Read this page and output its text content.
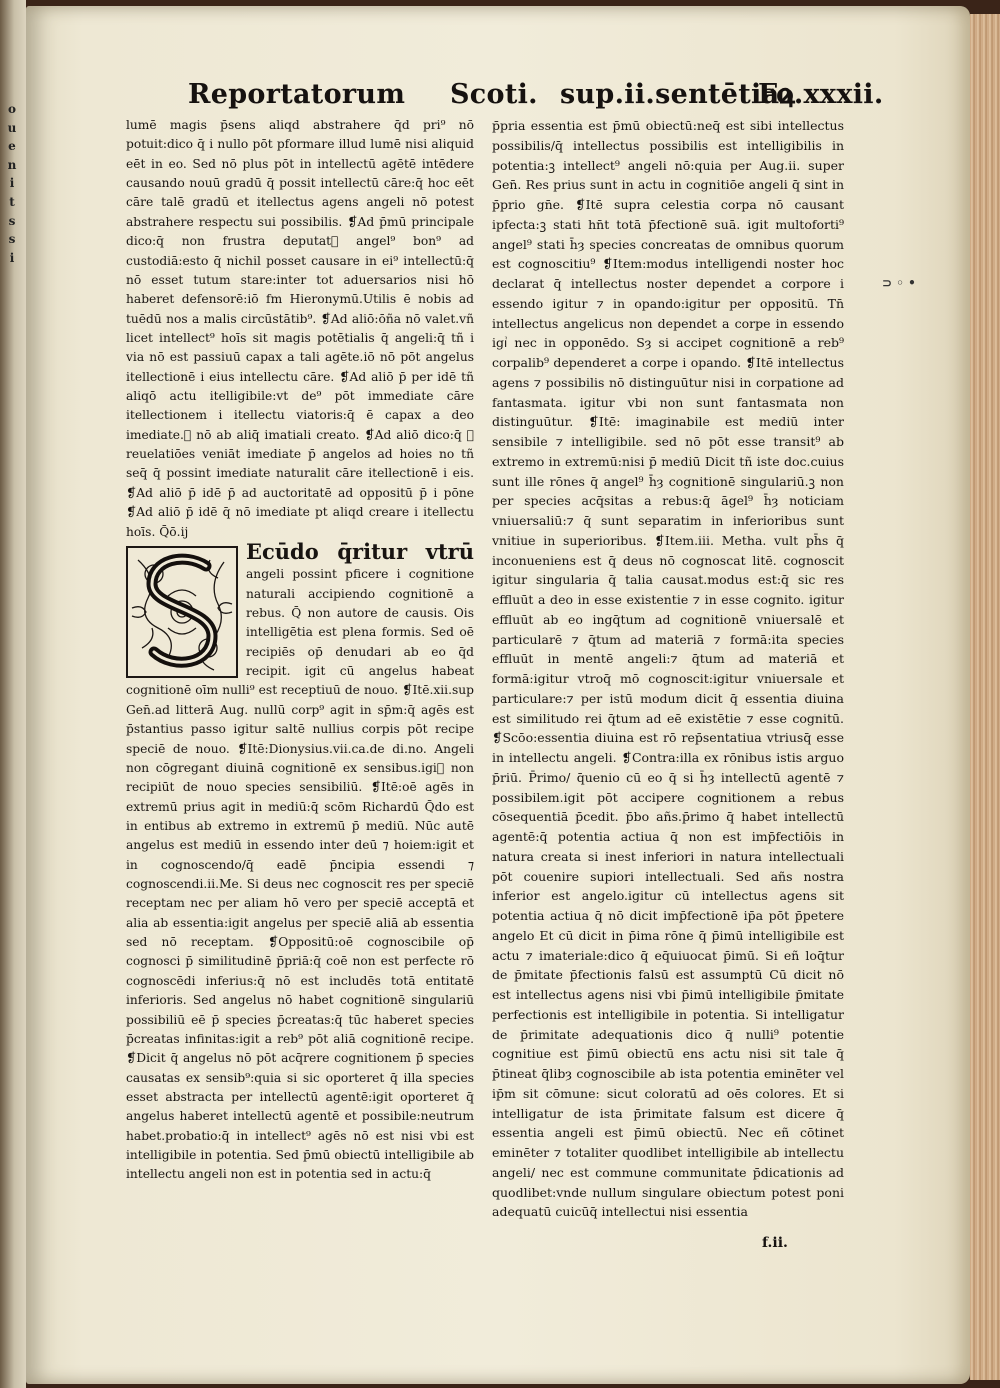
o
u
e
n
i
t
s
s
i
Reportatorum Scoti. sup.ii.sentētiaꝝ
Fo.xxxii.

lumē magis p̄sens aliqd abstrahere q̄d pri⁹ nō potuit:dico q̄ i nullo pōt pformare illud lumē nisi aliquid eēt in eo. Sed nō plus pōt in intellectū agētē intēdere causando nouū gradū q̄ possit intellectū cāre:q̄ hoc eēt cāre talē gradū et itellectus agens angeli nō potest abstrahere respectu sui possibilis. ❡Ad p̄mū principale dico:q̄ non frustra deputatᷣ angel⁹ bon⁹ ad custodiā:esto q̄ nichil posset causare in ei⁹ intellectū:q̄ nō esset tutum stare:inter tot aduersarios nisi hō haberet defensorē:iō fm Hieronymū.Utilis ē nobis ad tuēdū nos a malis circūstātib⁹. ❡Ad aliō:ōña nō valet.vñ licet intellect⁹ hoīs sit magis potētialis q̄ angeli:q̄ tñ i via nō est passiuū capax a tali agēte.iō nō pōt angelus itellectionē i eius intellectu cāre. ❡Ad aliō p̄ per idē tñ aliqō actu itelligibile:vt de⁹ pōt immediate cāre itellectionem i itellectu viatoris:q̄ ē capax a deo imediate.ꝫ nō ab aliq̄ imatiali creato. ❡Ad aliō dico:q̄ ꝫ reuelatiōes veniāt imediate p̄ angelos ad hoies no tñ seq̄ q̄ possint imediate naturalit cāre itellectionē i eis. ❡Ad aliō p̄ idē p̄ ad auctoritatē ad oppositū p̄ i pōne ❡Ad aliō p̄ idē q̄ nō imediate pt aliqd creare i itellectu hoīs. Q̄ō.ij

Ecūdo q̄ritur vtrū angeli possint pficere i cognitione naturali accipiendo cognitionē a rebus. Q̄ non autore de causis. Ois intelligētia est plena formis. Sed oē recipiēs op̄ denudari ab eo q̄d recipit. igit cū angelus habeat cognitionē oīm nulli⁹ est receptiuū de nouo. ❡Itē.xii.sup Gen̄.ad litterā Aug. nullū corp⁹ agit in sp̄m:q̄ agēs est p̄stantius passo igitur saltē nullius corpis pōt recipe speciē de nouo. ❡Itē:Dionysius.vii.ca.de di.no. Angeli non cōgregant diuinā cognitionē ex sensibus.igiᷣ non recipiūt de nouo species sensibiliū. ❡Itē:oē agēs in extremū prius agit in mediū:q̄ scōm Richardū Q̄do est in entibus ab extremo in extremū p̄ mediū. Nūc autē angelus est mediū in essendo inter deū ⁊ hoiem:igit et in cognoscendo/q̄ eadē p̄ncipia essendi ⁊ cognoscendi.ii.Me. Si deus nec cognoscit res per speciē receptam nec per aliam hō vero per speciē acceptā et alia ab essentia:igit angelus per speciē aliā ab essentia sed nō receptam. ❡Oppositū:oē cognoscibile op̄ cognosci p̄ similitudinē p̄priā:q̄ coē non est perfecte rō cognoscēdi inferius:q̄ nō est includēs totā entitatē inferioris. Sed angelus nō habet cognitionē singulariū possibiliū eē p̄ species p̄creatas:q̄ tūc haberet species p̄creatas infinitas:igit a reb⁹ pōt aliā cognitionē recipe. ❡Dicit q̄ angelus nō pōt acq̄rere cognitionem p̄ species causatas ex sensib⁹:quia si sic oporteret q̄ illa species esset abstracta per intellectū agentē:igit oporteret q̄ angelus haberet intellectū agentē et possibile:neutrum habet.probatio:q̄ in intellect⁹ agēs nō est nisi vbi est intelligibile in potentia. Sed p̄mū obiectū intelligibile ab intellectu angeli non est in potentia sed in actu:q̄

p̄pria essentia est p̄mū obiectū:neq̄ est sibi intellectus possibilis/q̄ intellectus possibilis est intelligibilis in potentia:ꝫ intellect⁹ angeli nō:quia per Aug.ii. super Gen̄. Res prius sunt in actu in cognitiōe angeli q̄ sint in p̄prio gn̄e. ❡Itē supra celestia corpa nō causant ipfecta:ꝫ stati hn̄t totā p̄fectionē suā. igit multoforti⁹ angel⁹ stati h̄ȝ species concreatas de omnibus quorum est cognoscitiu⁹ ❡Item:modus intelligendi noster hoc declarat q̄ intellectus noster dependet a corpore i essendo igitur ⁊ in opando:igitur per oppositū. Tn̄ intellectus angelicus non dependet a corpe in essendo igiᷣ nec in opponēdo. Sȝ si accipet cognitionē a reb⁹ corpalib⁹ dependeret a corpe i opando. ❡Itē intellectus agens ⁊ possibilis nō distinguūtur nisi in corpatione ad fantasmata. igitur vbi non sunt fantasmata non distinguūtur. ❡Itē: imaginabile est mediū inter sensibile ⁊ intelligibile. sed nō pōt esse transit⁹ ab extremo in extremū:nisi p̄ mediū Dicit tñ iste doc.cuius sunt ille rōnes q̄ angel⁹ h̄ȝ cognitionē singulariū.ꝫ non per species acq̄sitas a rebus:q̄ āgel⁹ h̄ȝ noticiam vniuersaliū:⁊ q̄ sunt separatim in inferioribus sunt vnitiue in superioribus. ❡Item.iii. Metha. vult ph̄s q̄ inconueniens est q̄ deus nō cognoscat litē. cognoscit igitur singularia q̄ talia causat.modus est:q̄ sic res effluūt a deo in esse existentie ⁊ in esse cognito. igitur effluūt ab eo ingq̄tum ad cognitionē vniuersalē et particularē ⁊ q̄tum ad materiā ⁊ formā:ita species effluūt in mentē angeli:⁊ q̄tum ad materiā et formā:igitur vtroq̄ mō cognoscit:igitur vniuersale et particulare:⁊ per istū modum dicit q̄ essentia diuina est similitudo rei q̄tum ad eē existētie ⁊ esse cognitū. ❡Scōo:essentia diuina est rō rep̄sentatiua vtriusq̄ esse in intellectu angeli. ❡Contra:illa ex rōnibus istis arguo p̄riū. P̄rimo/ q̄uenio cū eo q̄ si h̄ȝ intellectū agentē ⁊ possibilem.igit pōt accipere cognitionem a rebus cōsequentiā p̄cedit. p̄bo añs.p̄rimo q̄ habet intellectū agentē:q̄ potentia actiua q̄ non est imp̄fectiōis in natura creata si inest inferiori in natura intellectuali pōt couenire supiori intellectuali. Sed añs nostra inferior est angelo.igitur cū intellectus agens sit potentia actiua q̄ nō dicit imp̄fectionē ip̄a pōt p̄petere angelo Et cū dicit in p̄ima rōne q̄ p̄imū intelligibile est actu ⁊ imateriale:dico q̄ eq̄uiuocat p̄imū. Si eñ loq̄tur de p̄mitate p̄fectionis falsū est assumptū Cū dicit nō est intellectus agens nisi vbi p̄imū intelligibile p̄mitate perfectionis est intelligibile in potentia. Si intelligatur de p̄rimitate adequationis dico q̄ nulli⁹ potentie cognitiue est p̄imū obiectū ens actu nisi sit tale q̄ p̄tineat q̄libȝ cognoscibile ab ista potentia eminēter vel ip̄m sit cōmune: sicut coloratū ad oēs colores. Et si intelligatur de ista p̄rimitate falsum est dicere q̄ essentia angeli est p̄imū obiectū. Nec eñ cōtinet eminēter ⁊ totaliter quodlibet intelligibile ab intellectu angeli/ nec est commune communitate p̄dicationis ad quodlibet:vnde nullum singulare obiectum potest poni adequatū cuicūq̄ intellectui nisi essentia

⊃ ◦ •
f.ii.
